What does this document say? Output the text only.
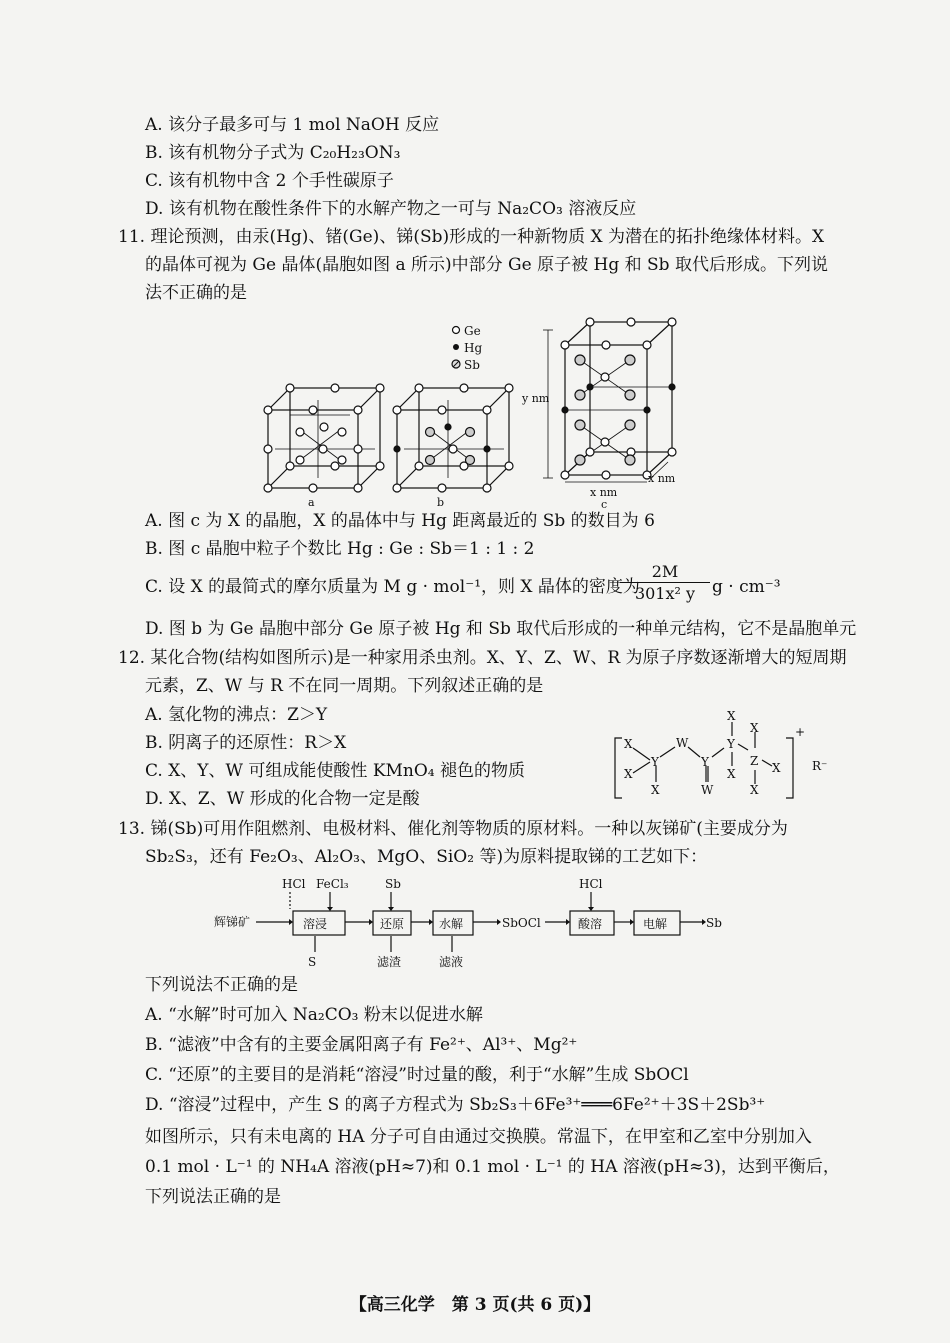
A. 该分子最多可与 1 mol NaOH 反应
B. 该有机物分子式为 C₂₀H₂₃ON₃
C. 该有机物中含 2 个手性碳原子
D. 该有机物在酸性条件下的水解产物之一可与 Na₂CO₃ 溶液反应
11. 理论预测，由汞(Hg)、锗(Ge)、锑(Sb)形成的一种新物质 X 为潜在的拓扑绝缘体材料。X
的晶体可视为 Ge 晶体(晶胞如图 a 所示)中部分 Ge 原子被 Hg 和 Sb 取代后形成。下列说
法不正确的是
Ge
Hg
Sb
a	b
y nm
x nm
x nm
c
A. 图 c 为 X 的晶胞，X 的晶体中与 Hg 距离最近的 Sb 的数目为 6
B. 图 c 晶胞中粒子个数比 Hg : Ge : Sb＝1 : 1 : 2
C. 设 X 的最简式的摩尔质量为 M g · mol⁻¹，则 X 晶体的密度为
$\frac{2M}{\text{301x² y}}$ g · cm⁻³
D. 图 b 为 Ge 晶胞中部分 Ge 原子被 Hg 和 Sb 取代后形成的一种单元结构，它不是晶胞单元
12. 某化合物(结构如图所示)是一种家用杀虫剂。X、Y、Z、W、R 为原子序数逐渐增大的短周期
元素，Z、W 与 R 不在同一周期。下列叙述正确的是
A. 氢化物的沸点：Z＞Y
B. 阴离子的还原性：R＞X
C. X、Y、W 可组成能使酸性 KMnO₄ 褪色的物质
D. X、Z、W 形成的化合物一定是酸
X
X
Y
X
W
Y
W
X
Y
X
X
Z X
X
+
R⁻
13. 锑(Sb)可用作阻燃剂、电极材料、催化剂等物质的原材料。一种以灰锑矿(主要成分为
Sb₂S₃，还有 Fe₂O₃、Al₂O₃、MgO、SiO₂ 等)为原料提取锑的工艺如下：
辉锑矿
HCl FeCl₃
溶浸
S
Sb
还原
滤渣
水解
滤液
SbOCl
HCl
酸溶	电解	Sb
下列说法不正确的是
A. “水解”时可加入 Na₂CO₃ 粉末以促进水解
B. “滤液”中含有的主要金属阳离子有 Fe²⁺、Al³⁺、Mg²⁺
C. “还原”的主要目的是消耗“溶浸”时过量的酸，利于“水解”生成 SbOCl
D. “溶浸”过程中，产生 S 的离子方程式为 Sb₂S₃＋6Fe³⁺═══6Fe²⁺＋3S＋2Sb³⁺
如图所示，只有未电离的 HA 分子可自由通过交换膜。常温下，在甲室和乙室中分别加入
0.1 mol · L⁻¹ 的 NH₄A 溶液(pH≈7)和 0.1 mol · L⁻¹ 的 HA 溶液(pH≈3)，达到平衡后，
下列说法正确的是
【高三化学　第 3 页(共 6 页)】
